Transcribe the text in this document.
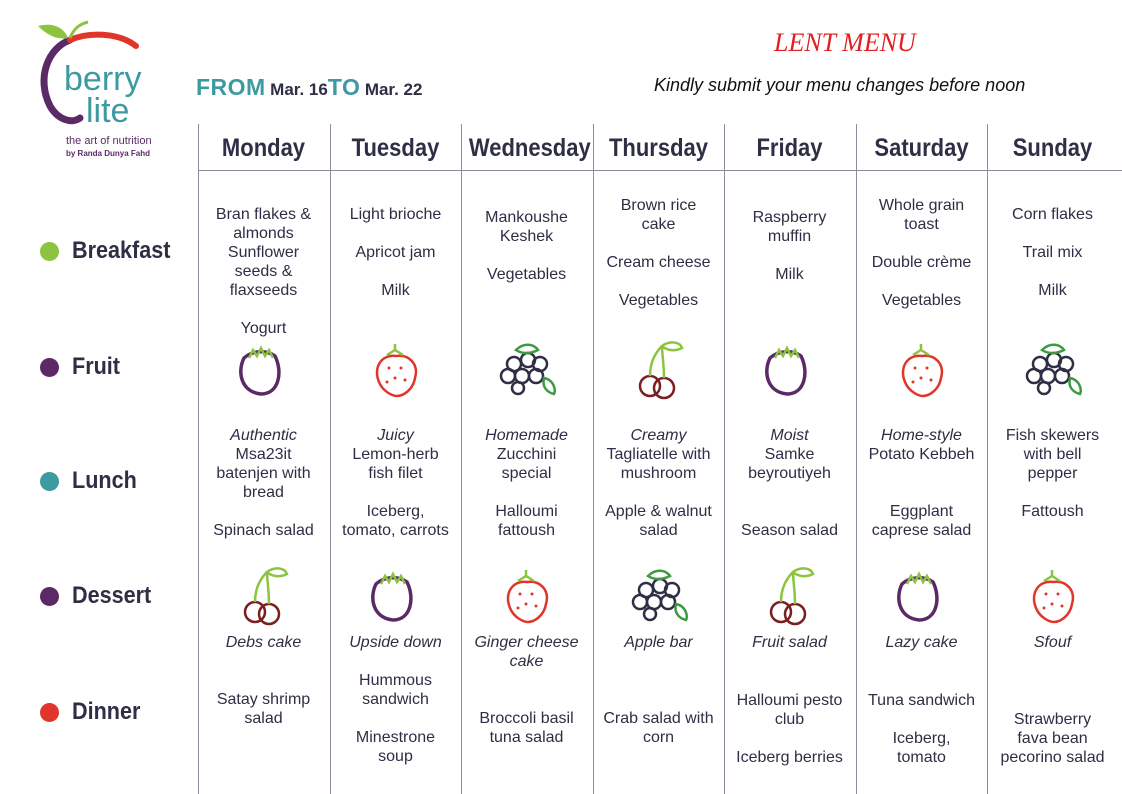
berry
lite
the art of nutrition
by Randa Dunya Fahd
FROM Mar. 16TO Mar. 22
LENT MENU
Kindly submit your menu changes before noon
Breakfast
Fruit
Lunch
Dessert
Dinner
Monday
Bran flakes &
almonds
Sunflower
seeds &
flaxseeds
Yogurt
Authentic
Msa23it
batenjen with
bread
Spinach salad
Debs cake
Satay shrimp
salad
Tuesday
Light brioche
Apricot jam
Milk
Juicy
Lemon-herb
fish filet
Iceberg,
tomato, carrots
Upside down
Hummous
sandwich
Minestrone
soup
Wednesday
Mankoushe
Keshek
Vegetables
Homemade
Zucchini
special
Halloumi
fattoush
Ginger cheese cake
Broccoli basil
tuna salad
Thursday
Brown rice
cake
Cream cheese
Vegetables
Creamy
Tagliatelle with
mushroom
Apple & walnut
salad
Apple bar
Crab salad with
corn
Friday
Raspberry
muffin
Milk
Moist
Samke
beyroutiyeh
Season salad
Fruit salad
Halloumi pesto
club
Iceberg berries
Saturday
Whole grain
toast
Double crème
Vegetables
Home-style
Potato Kebbeh
Eggplant
caprese salad
Lazy cake
Tuna sandwich
Iceberg,
tomato
Sunday
Corn flakes
Trail mix
Milk
Fish skewers
with bell
pepper
Fattoush
Sfouf
Strawberry
fava bean
pecorino salad
